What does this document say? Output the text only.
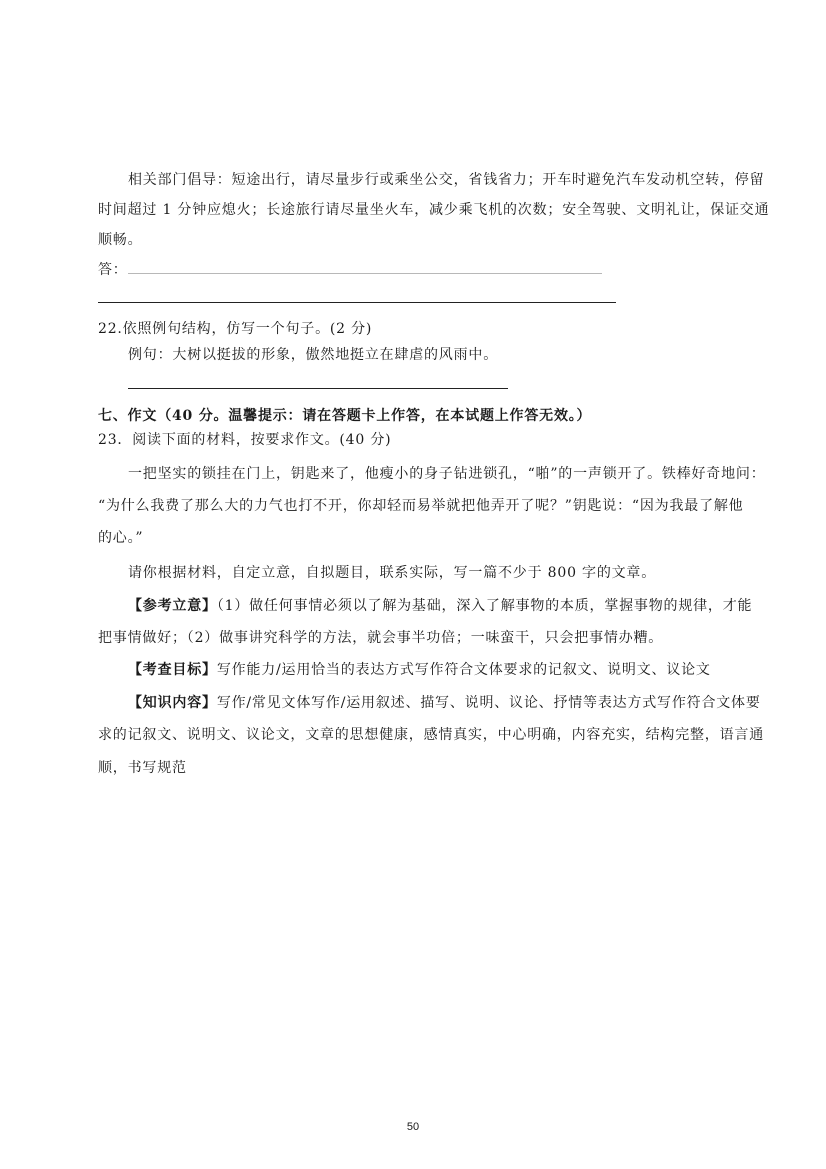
相关部门倡导：短途出行，请尽量步行或乘坐公交，省钱省力；开车时避免汽车发动机空转，停留
时间超过 1 分钟应熄火；长途旅行请尽量坐火车，减少乘飞机的次数；安全驾驶、文明礼让，保证交通
顺畅。
答：
22.依照例句结构，仿写一个句子。(2 分)
例句：大树以挺拔的形象，傲然地挺立在肆虐的风雨中。
七、作文（40 分。温馨提示：请在答题卡上作答，在本试题上作答无效。）
23．阅读下面的材料，按要求作文。(40 分)
一把坚实的锁挂在门上，钥匙来了，他瘦小的身子钻进锁孔，“啪”的一声锁开了。铁棒好奇地问：
“为什么我费了那么大的力气也打不开，你却轻而易举就把他弄开了呢？”钥匙说：“因为我最了解他
的心。”
请你根据材料，自定立意，自拟题目，联系实际，写一篇不少于 800 字的文章。
【参考立意】（1）做任何事情必须以了解为基础，深入了解事物的本质，掌握事物的规律，才能
把事情做好；（2）做事讲究科学的方法，就会事半功倍；一味蛮干，只会把事情办糟。
【考查目标】写作能力/运用恰当的表达方式写作符合文体要求的记叙文、说明文、议论文
【知识内容】写作/常见文体写作/运用叙述、描写、说明、议论、抒情等表达方式写作符合文体要
求的记叙文、说明文、议论文，文章的思想健康，感情真实，中心明确，内容充实，结构完整，语言通
顺，书写规范
50
